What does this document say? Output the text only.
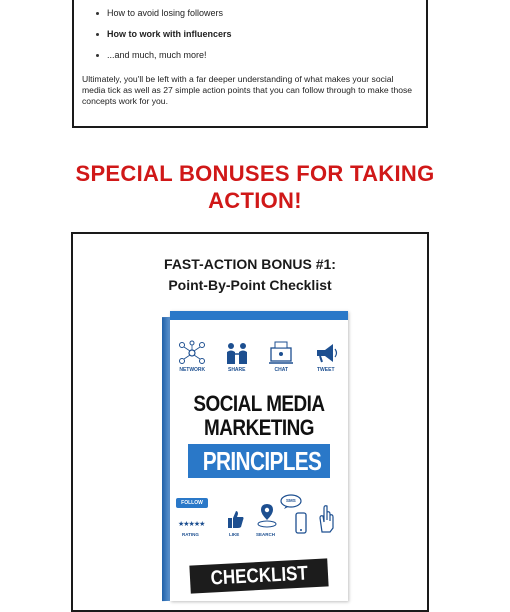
How to avoid losing followers
How to work with influencers
...and much, much more!

Ultimately, you'll be left with a far deeper understanding of what makes your social media tick as well as 27 simple action points that you can follow through to make those concepts work for you.

SPECIAL BONUSES FOR TAKING
ACTION!
FAST-ACTION BONUS #1:
Point-By-Point Checklist
NETWORK	SHARE	CHAT	TWEET
SOCIAL MEDIA
MARKETING
PRINCIPLES
FOLLOW
★★★★★
RATING	LIKE	SEARCH
SMS
CHECKLIST
